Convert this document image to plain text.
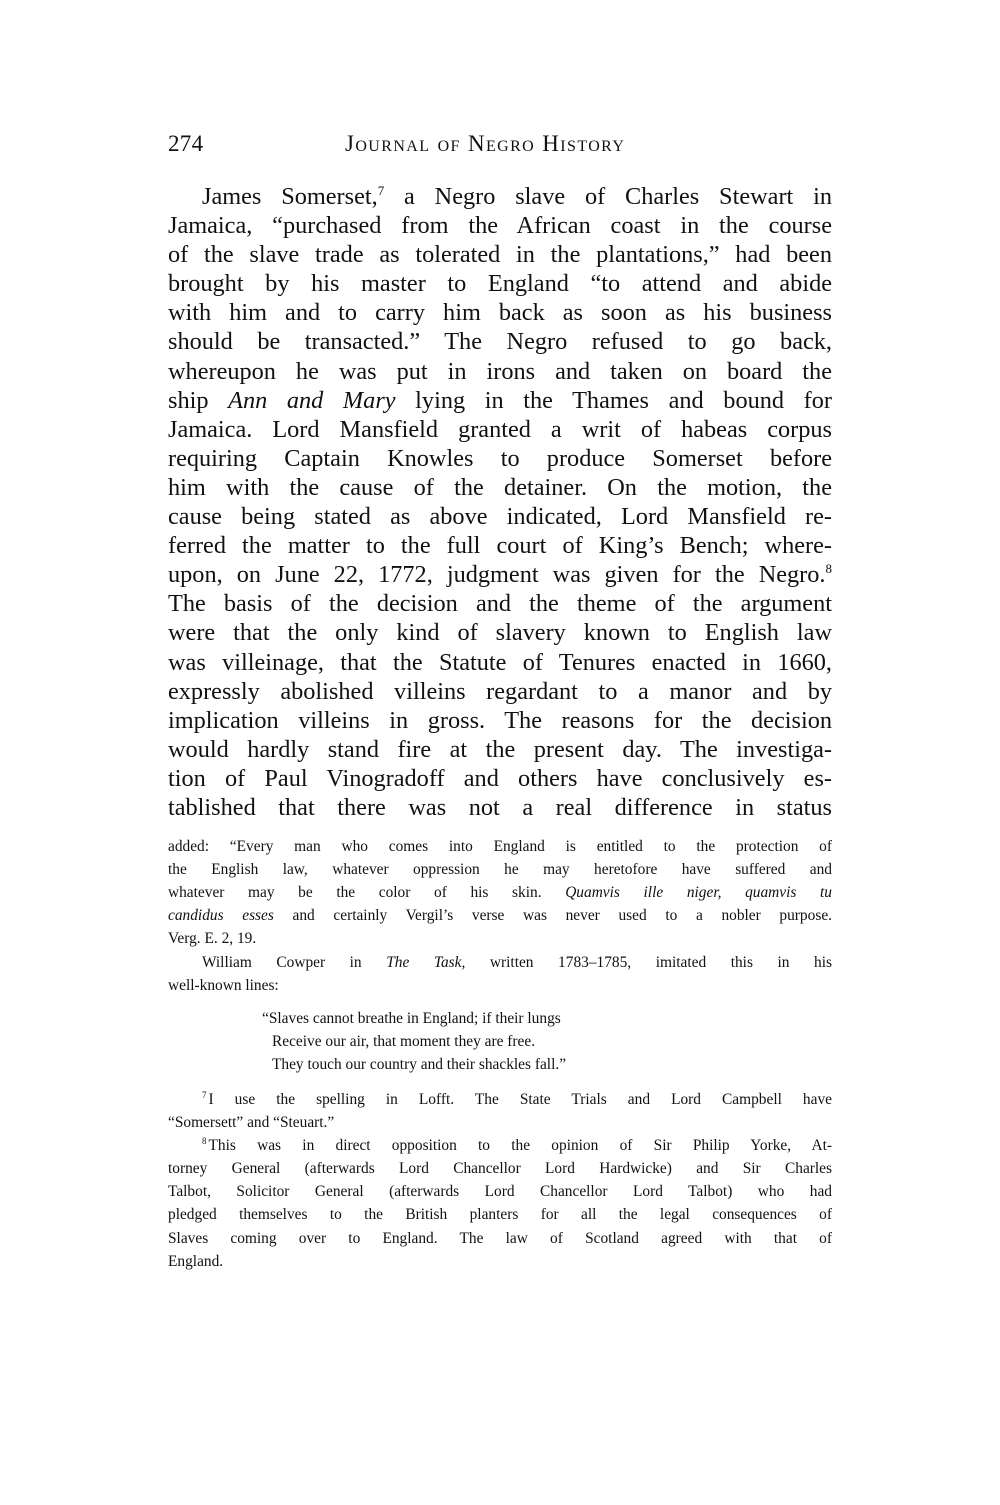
274	Journal of Negro History
James Somerset,$^7$ a Negro slave of Charles Stewart in
Jamaica, “purchased from the African coast in the course
of the slave trade as tolerated in the plantations,” had been
brought by his master to England “to attend and abide
with him and to carry him back as soon as his business
should be transacted.” The Negro refused to go back,
whereupon he was put in irons and taken on board the
ship Ann and Mary lying in the Thames and bound for
Jamaica. Lord Mansfield granted a writ of habeas corpus
requiring Captain Knowles to produce Somerset before
him with the cause of the detainer. On the motion, the
cause being stated as above indicated, Lord Mansfield re-
ferred the matter to the full court of King’s Bench; where-
upon, on June 22, 1772, judgment was given for the Negro.$^8$
The basis of the decision and the theme of the argument
were that the only kind of slavery known to English law
was villeinage, that the Statute of Tenures enacted in 1660,
expressly abolished villeins regardant to a manor and by
implication villeins in gross. The reasons for the decision
would hardly stand fire at the present day. The investiga-
tion of Paul Vinogradoff and others have conclusively es-
tablished that there was not a real difference in status
added: “Every man who comes into England is entitled to the protection of
the English law, whatever oppression he may heretofore have suffered and
whatever may be the color of his skin. Quamvis ille niger, quamvis tu
candidus esses and certainly Vergil’s verse was never used to a nobler purpose.
Verg. E. 2, 19.
William Cowper in The Task, written 1783–1785, imitated this in his
well-known lines:
“Slaves cannot breathe in England; if their lungs
Receive our air, that moment they are free.
They touch our country and their shackles fall.”
$^7$ I use the spelling in Lofft. The State Trials and Lord Campbell have
“Somersett” and “Steuart.”
$^8$ This was in direct opposition to the opinion of Sir Philip Yorke, At-
torney General (afterwards Lord Chancellor Lord Hardwicke) and Sir Charles
Talbot, Solicitor General (afterwards Lord Chancellor Lord Talbot) who had
pledged themselves to the British planters for all the legal consequences of
Slaves coming over to England. The law of Scotland agreed with that of
England.
